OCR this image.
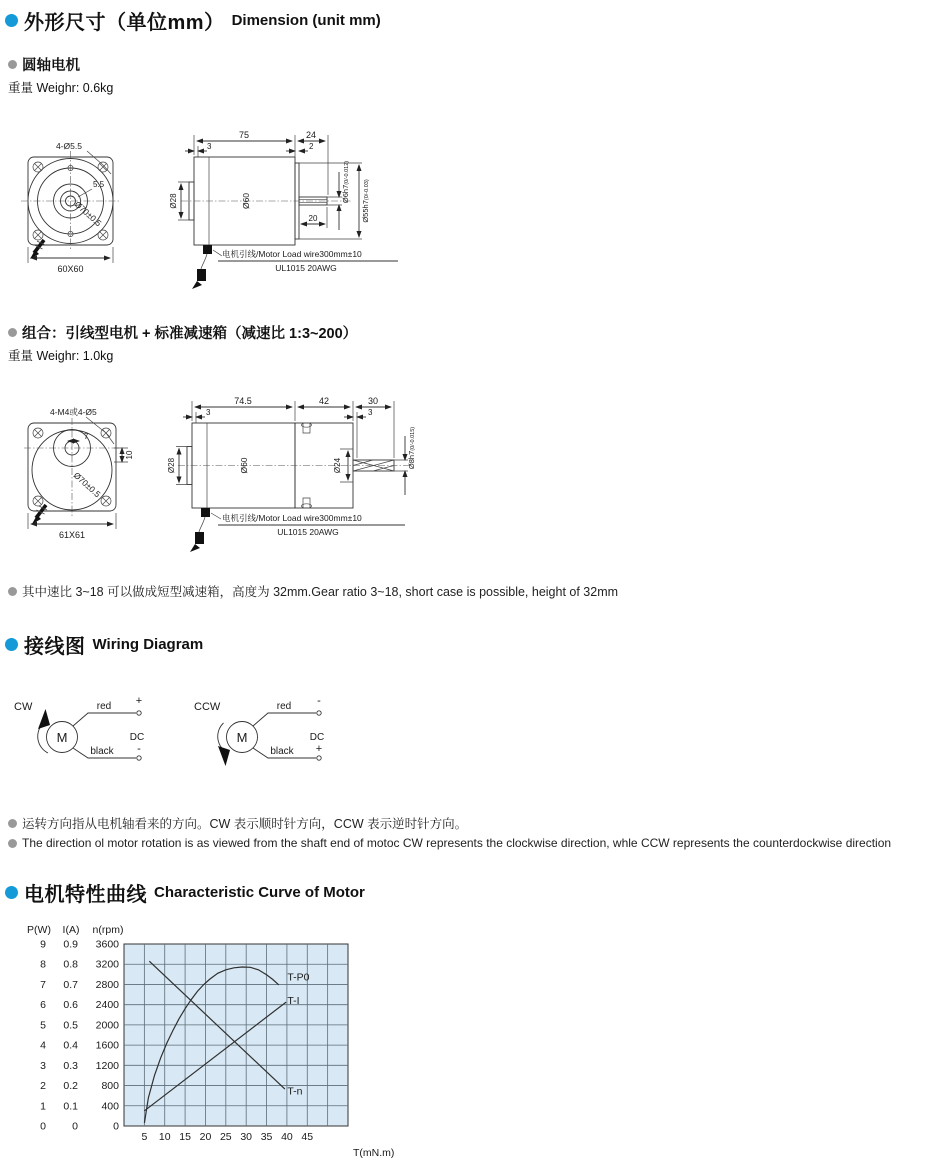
外形尺寸（单位mm） Dimension (unit mm)
圆轴电机
重量 Weighr: 0.6kg
4-Ø5.5
5.5
Ø70±0.5
60X60
75	24
3	2
Ø28	Ø60	Ø6h7(0/-0.012)
Ø55h7(0/-0.03)
20
电机引线/Motor Load wire300mm±10
UL1015 20AWG
组合：引线型电机 + 标准减速箱（减速比 1:3~200）
重量 Weighr: 1.0kg
4-M4或4-Ø5
7
10
Ø70±0.5
61X61
74.5	42	30
3	3
Ø28	Ø60	Ø24	Ø8h7(0/-0.015)
电机引线/Motor Load wire300mm±10
UL1015 20AWG
其中速比 3~18 可以做成短型减速箱，高度为 32mm.Gear ratio 3~18, short case is possible, height of 32mm
接线图 Wiring Diagram
CW
M
red +
black -
DC
CCW
M
red -
black +
DC
运转方向指从电机轴看来的方向。CW 表示顺时针方向，CCW 表示逆时针方向。
The direction ol motor rotation is as viewed from the shaft end of motoc CW represents the clockwise direction, whle CCW represents the counterdockwise direction
电机特性曲线 Characteristic Curve of Motor
P(W)
9
8
7
6
5
4
3
2
1
0
I(A)
0.9
0.8
0.7
0.6
0.5
0.4
0.3
0.2
0.1
0
n(rpm)
3600
3200
2800
2400
2000
1600
1200
800
400
0
5 10 15 20 25 30 35 40 45
T(mN.m)
T-P0
T-I
T-n
